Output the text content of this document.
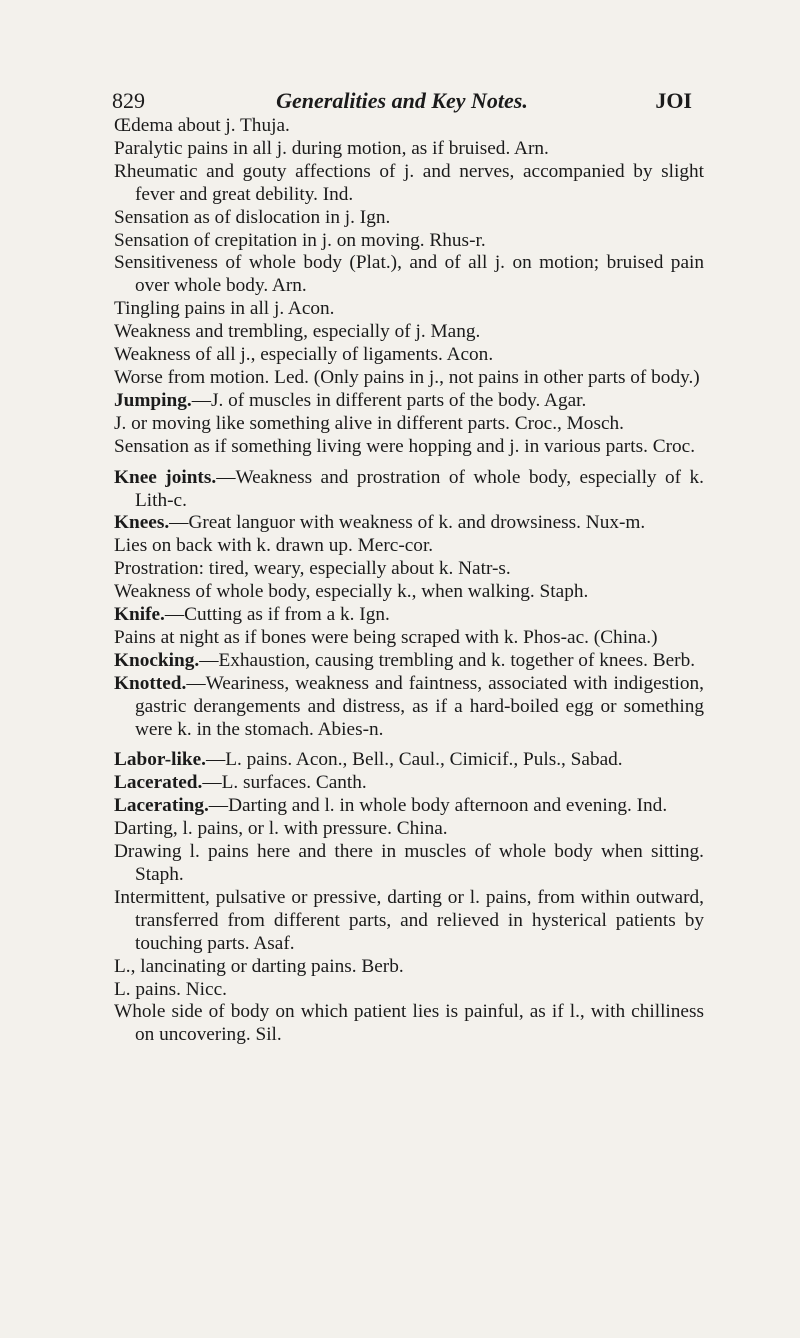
829	Generalities and Key Notes.	JOI

Œdema about j. Thuja.

Paralytic pains in all j. during motion, as if bruised. Arn.

Rheumatic and gouty affections of j. and nerves, accompanied by slight fever and great debility. Ind.

Sensation as of dislocation in j. Ign.

Sensation of crepitation in j. on moving. Rhus-r.

Sensitiveness of whole body (Plat.), and of all j. on motion; bruised pain over whole body. Arn.

Tingling pains in all j. Acon.

Weakness and trembling, especially of j. Mang.

Weakness of all j., especially of ligaments. Acon.

Worse from motion. Led. (Only pains in j., not pains in other parts of body.)

Jumping.—J. of muscles in different parts of the body. Agar.

J. or moving like something alive in different parts. Croc., Mosch.

Sensation as if something living were hopping and j. in various parts. Croc.

Knee joints.—Weakness and prostration of whole body, especially of k. Lith-c.

Knees.—Great languor with weakness of k. and drowsiness. Nux-m.

Lies on back with k. drawn up. Merc-cor.

Prostration: tired, weary, especially about k. Natr-s.

Weakness of whole body, especially k., when walking. Staph.

Knife.—Cutting as if from a k. Ign.

Pains at night as if bones were being scraped with k. Phos-ac. (China.)

Knocking.—Exhaustion, causing trembling and k. together of knees. Berb.

Knotted.—Weariness, weakness and faintness, associated with indigestion, gastric derangements and distress, as if a hard-boiled egg or something were k. in the stomach. Abies-n.

Labor-like.—L. pains. Acon., Bell., Caul., Cimicif., Puls., Sabad.

Lacerated.—L. surfaces. Canth.

Lacerating.—Darting and l. in whole body afternoon and evening. Ind.

Darting, l. pains, or l. with pressure. China.

Drawing l. pains here and there in muscles of whole body when sitting. Staph.

Intermittent, pulsative or pressive, darting or l. pains, from within outward, transferred from different parts, and relieved in hysterical patients by touching parts. Asaf.

L., lancinating or darting pains. Berb.

L. pains. Nicc.

Whole side of body on which patient lies is painful, as if l., with chilliness on uncovering. Sil.
